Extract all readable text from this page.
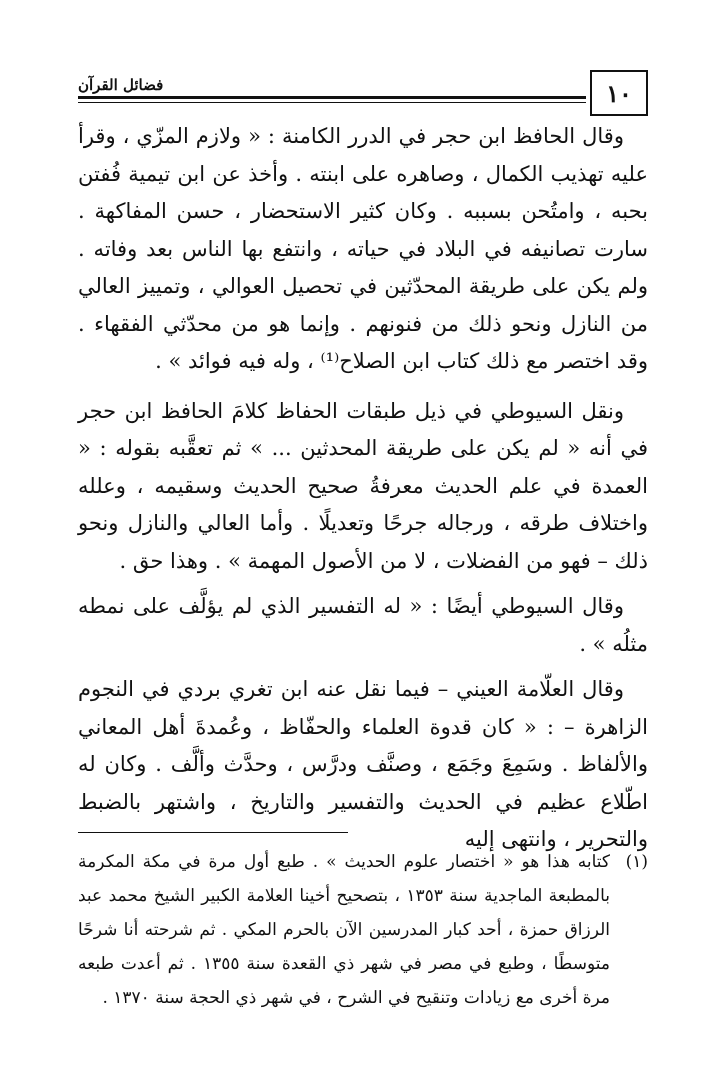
١٠
فضائل القرآن

وقال الحافظ ابن حجر في الدرر الكامنة : « ولازم المزّي ، وقرأ عليه تهذيب الكمال ، وصاهره على ابنته . وأخذ عن ابن تيمية فُفتن بحبه ، وامتُحن بسببه . وكان كثير الاستحضار ، حسن المفاكهة . سارت تصانيفه في البلاد في حياته ، وانتفع بها الناس بعد وفاته . ولم يكن على طريقة المحدّثين في تحصيل العوالي ، وتمييز العالي من النازل ونحو ذلك من فنونهم . وإنما هو من محدّثي الفقهاء . وقد اختصر مع ذلك كتاب ابن الصلاح⁽¹⁾ ، وله فيه فوائد » .

ونقل السيوطي في ذيل طبقات الحفاظ كلامَ الحافظ ابن حجر في أنه « لم يكن على طريقة المحدثين ... » ثم تعقَّبه بقوله : « العمدة في علم الحديث معرفةُ صحيح الحديث وسقيمه ، وعلله واختلاف طرقه ، ورجاله جرحًا وتعديلًا . وأما العالي والنازل ونحو ذلك – فهو من الفضلات ، لا من الأصول المهمة » . وهذا حق .

وقال السيوطي أيضًا : « له التفسير الذي لم يؤلَّف على نمطه مثلُه » .

وقال العلّامة العيني – فيما نقل عنه ابن تغري بردي في النجوم الزاهرة – : « كان قدوة العلماء والحفّاظ ، وعُمدةَ أهل المعاني والألفاظ . وسَمِعَ وجَمَع ، وصنَّف ودرَّس ، وحدَّث وألَّف . وكان له اطّلاع عظيم في الحديث والتفسير والتاريخ ، واشتهر بالضبط والتحرير ، وانتهى إليه

(١)
كتابه هذا هو « اختصار علوم الحديث » . طبع أول مرة في مكة المكرمة بالمطبعة الماجدية سنة ١٣٥٣ ، بتصحيح أخينا العلامة الكبير الشيخ محمد عبد الرزاق حمزة ، أحد كبار المدرسين الآن بالحرم المكي . ثم شرحته أنا شرحًا متوسطًا ، وطبع في مصر في شهر ذي القعدة سنة ١٣٥٥ . ثم أعدت طبعه مرة أخرى مع زيادات وتنقيح في الشرح ، في شهر ذي الحجة سنة ١٣٧٠ .
